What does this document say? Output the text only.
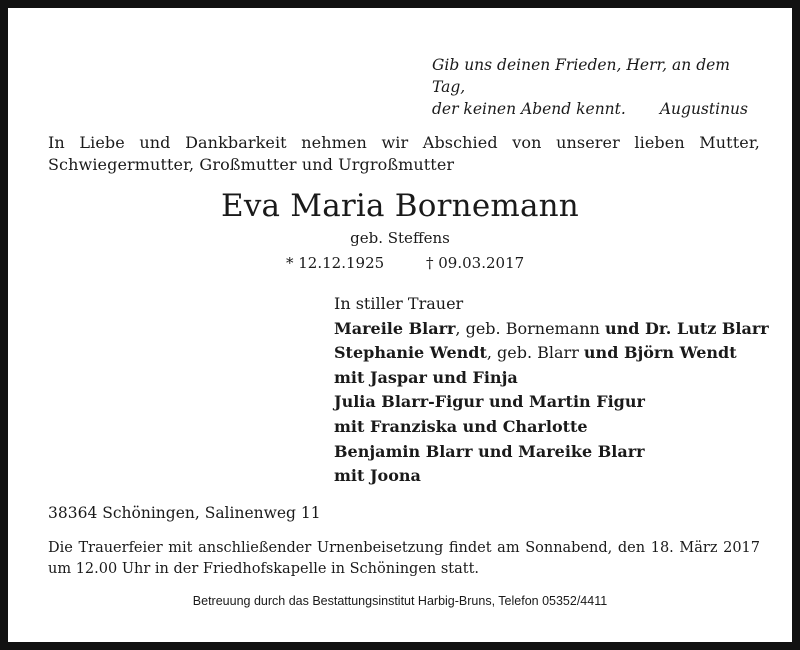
Gib uns deinen Frieden, Herr, an dem Tag,
der keinen Abend kennt.	Augustinus
In Liebe und Dankbarkeit nehmen wir Abschied von unserer lieben Mutter,
Schwiegermutter, Großmutter und Urgroßmutter
Eva Maria Bornemann
geb. Steffens
* 12.12.1925	† 09.03.2017
In stiller Trauer
Mareile Blarr, geb. Bornemann und Dr. Lutz Blarr
Stephanie Wendt, geb. Blarr und Björn Wendt
mit Jaspar und Finja
Julia Blarr-Figur und Martin Figur
mit Franziska und Charlotte
Benjamin Blarr und Mareike Blarr
mit Joona
38364 Schöningen, Salinenweg 11
Die Trauerfeier mit anschließender Urnenbeisetzung findet am Sonnabend, den 18. März 2017
um 12.00 Uhr in der Friedhofskapelle in Schöningen statt.
Betreuung durch das Bestattungsinstitut Harbig-Bruns, Telefon 05352/4411
